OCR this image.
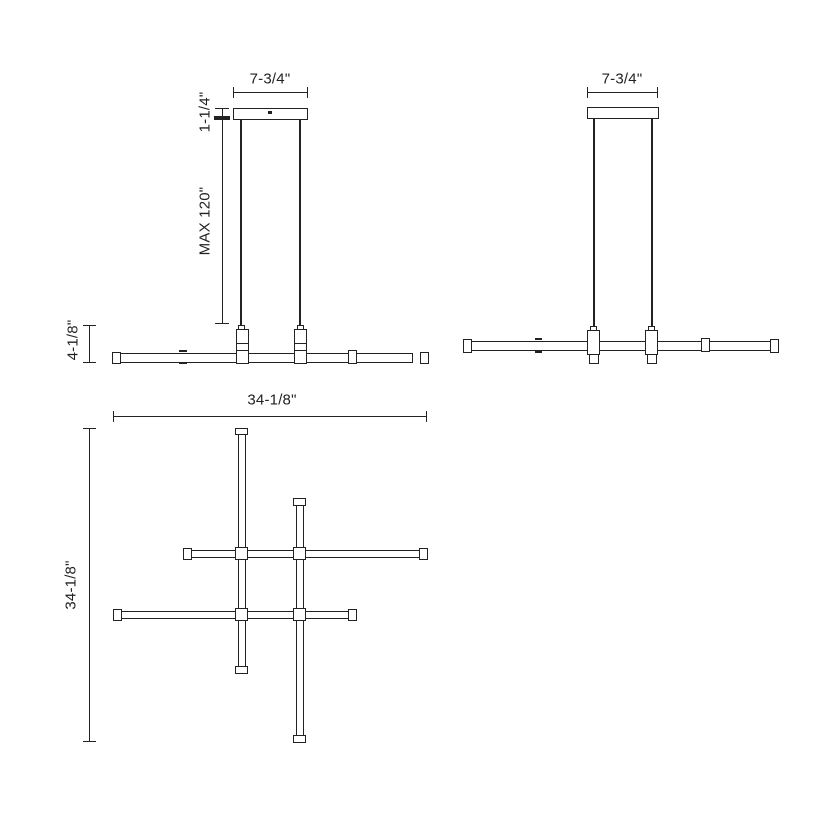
7-3/4"
1-1/4"
MAX 120"
4-1/8"
7-3/4"
34-1/8"
34-1/8"
